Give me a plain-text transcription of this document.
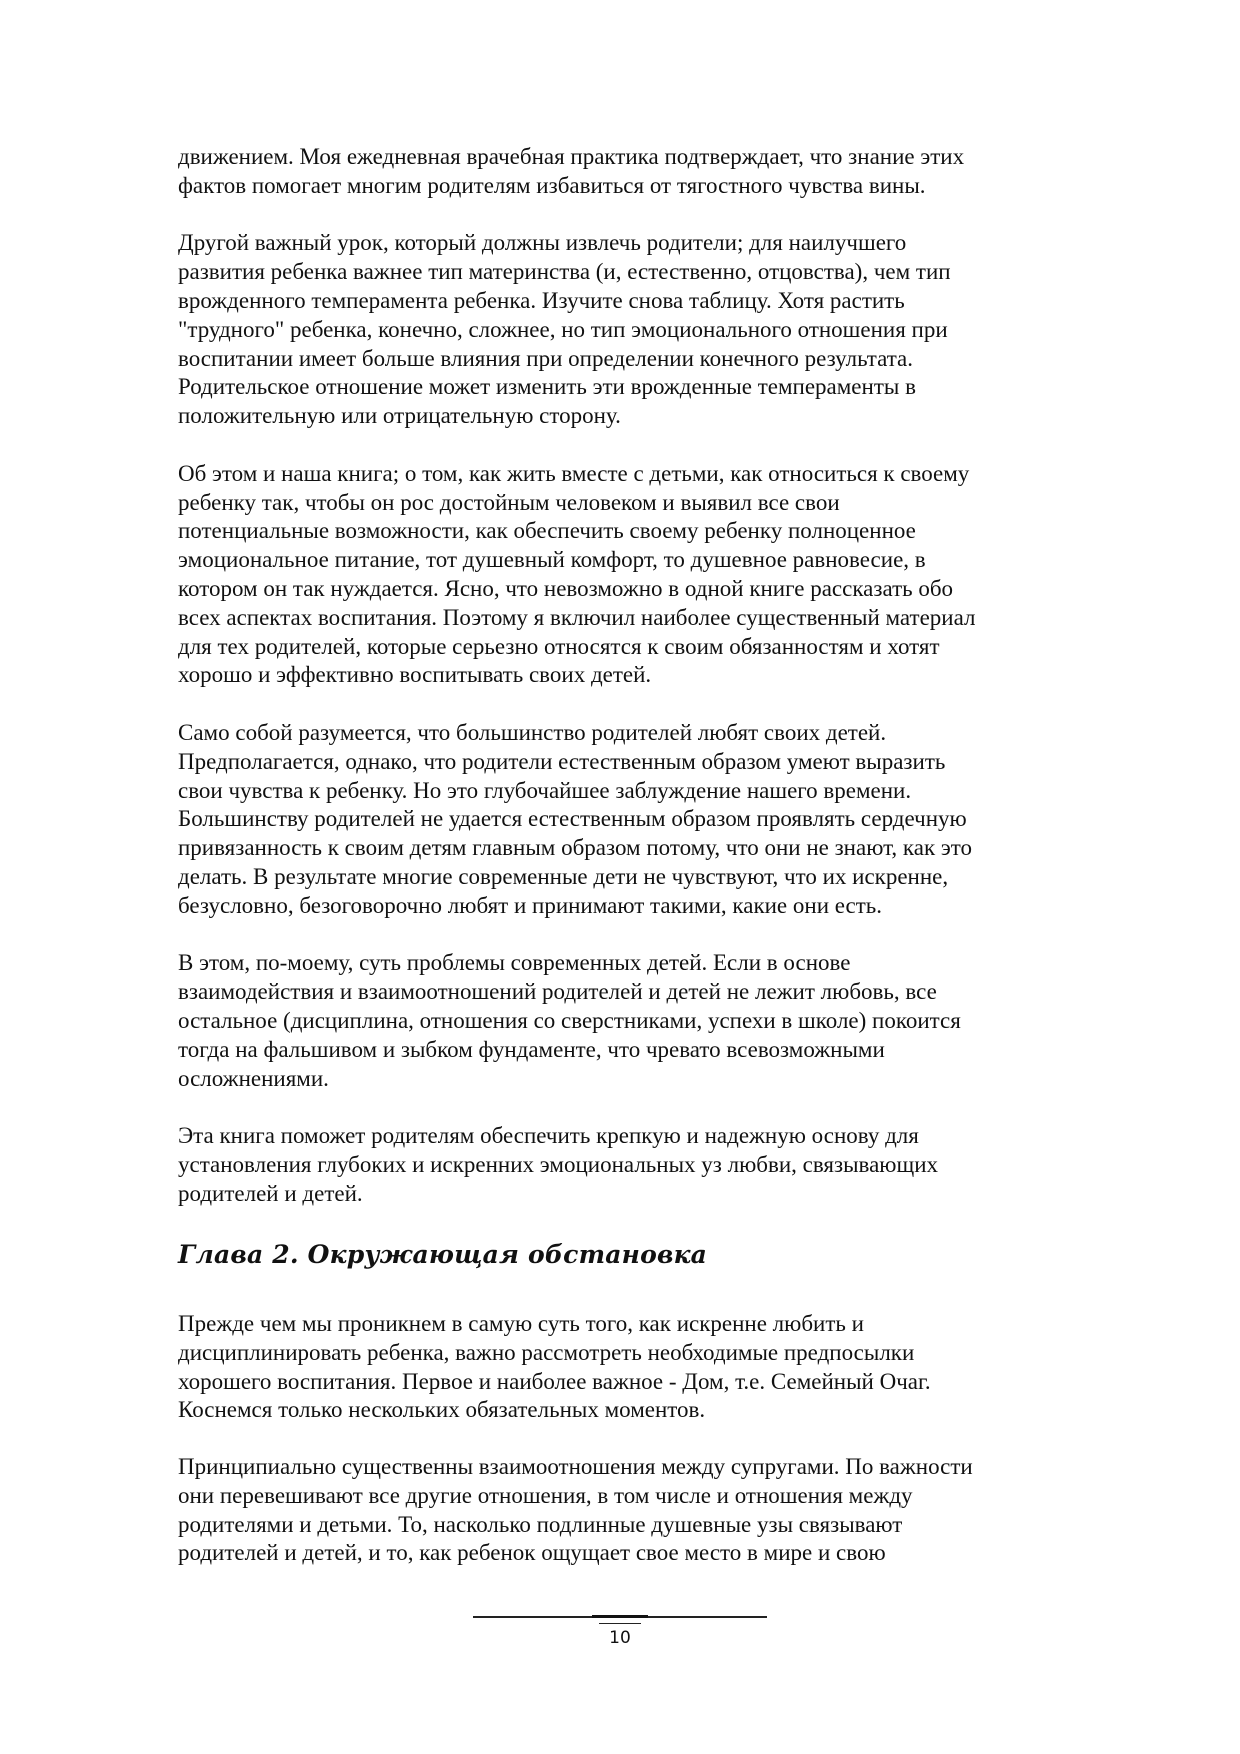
движением. Моя ежедневная врачебная практика подтверждает, что знание этих
фактов помогает многим родителям избавиться от тягостного чувства вины.
Другой важный урок, который должны извлечь родители; для наилучшего
развития ребенка важнее тип материнства (и, естественно, отцовства), чем тип
врожденного темперамента ребенка. Изучите снова таблицу. Хотя растить
"трудного" ребенка, конечно, сложнее, но тип эмоционального отношения при
воспитании имеет больше влияния при определении конечного результата.
Родительское отношение может изменить эти врожденные темпераменты в
положительную или отрицательную сторону.
Об этом и наша книга; о том, как жить вместе с детьми, как относиться к своему
ребенку так, чтобы он рос достойным человеком и выявил все свои
потенциальные возможности, как обеспечить своему ребенку полноценное
эмоциональное питание, тот душевный комфорт, то душевное равновесие, в
котором он так нуждается. Ясно, что невозможно в одной книге рассказать обо
всех аспектах воспитания. Поэтому я включил наиболее существенный материал
для тех родителей, которые серьезно относятся к своим обязанностям и хотят
хорошо и эффективно воспитывать своих детей.
Само собой разумеется, что большинство родителей любят своих детей.
Предполагается, однако, что родители естественным образом умеют выразить
свои чувства к ребенку. Но это глубочайшее заблуждение нашего времени.
Большинству родителей не удается естественным образом проявлять сердечную
привязанность к своим детям главным образом потому, что они не знают, как это
делать. В результате многие современные дети не чувствуют, что их искренне,
безусловно, безоговорочно любят и принимают такими, какие они есть.
В этом, по-моему, суть проблемы современных детей. Если в основе
взаимодействия и взаимоотношений родителей и детей не лежит любовь, все
остальное (дисциплина, отношения со сверстниками, успехи в школе) покоится
тогда на фальшивом и зыбком фундаменте, что чревато всевозможными
осложнениями.
Эта книга поможет родителям обеспечить крепкую и надежную основу для
установления глубоких и искренних эмоциональных уз любви, связывающих
родителей и детей.
Глава 2. Окружающая обстановка
Прежде чем мы проникнем в самую суть того, как искренне любить и
дисциплинировать ребенка, важно рассмотреть необходимые предпосылки
хорошего воспитания. Первое и наиболее важное - Дом, т.е. Семейный Очаг.
Коснемся только нескольких обязательных моментов.
Принципиально существенны взаимоотношения между супругами. По важности
они перевешивают все другие отношения, в том числе и отношения между
родителями и детьми. То, насколько подлинные душевные узы связывают
родителей и детей, и то, как ребенок ощущает свое место в мире и свою
10
